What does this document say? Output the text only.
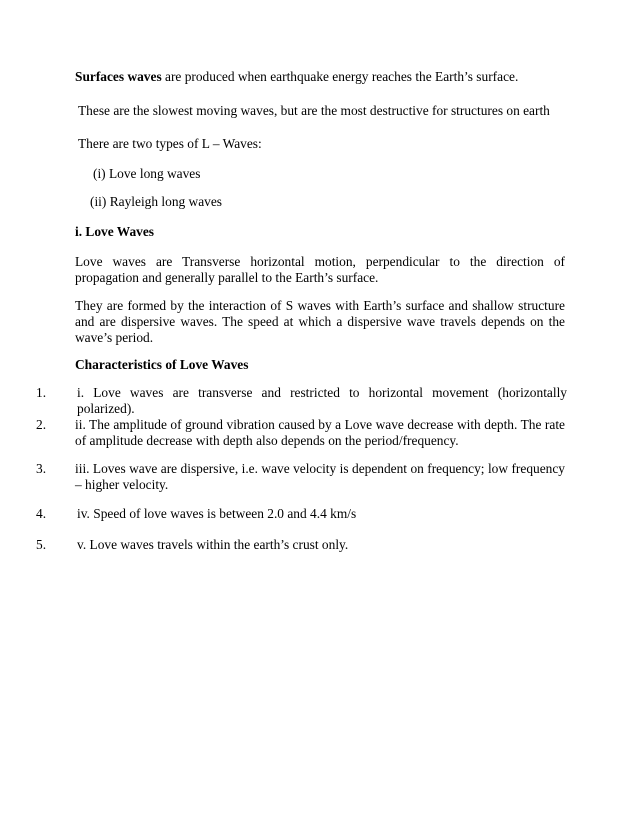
Surfaces waves are produced when earthquake energy reaches the Earth’s surface.
These are the slowest moving waves, but are the most destructive for structures on earth
There are two types of L – Waves:
(i) Love long waves
(ii) Rayleigh long waves
i. Love Waves
Love waves are Transverse horizontal motion, perpendicular to the direction of propagation and generally parallel to the Earth’s surface.
They are formed by the interaction of S waves with Earth’s surface and shallow structure and are dispersive waves. The speed at which a dispersive wave travels depends on the wave’s period.
Characteristics of Love Waves
1. i. Love waves are transverse and restricted to horizontal movement (horizontally polarized).
2. ii. The amplitude of ground vibration caused by a Love wave decrease with depth. The rate of amplitude decrease with depth also depends on the period/frequency.
3. iii. Loves wave are dispersive, i.e. wave velocity is dependent on frequency; low frequency – higher velocity.
4. iv. Speed of love waves is between 2.0 and 4.4 km/s
5. v. Love waves travels within the earth’s crust only.
